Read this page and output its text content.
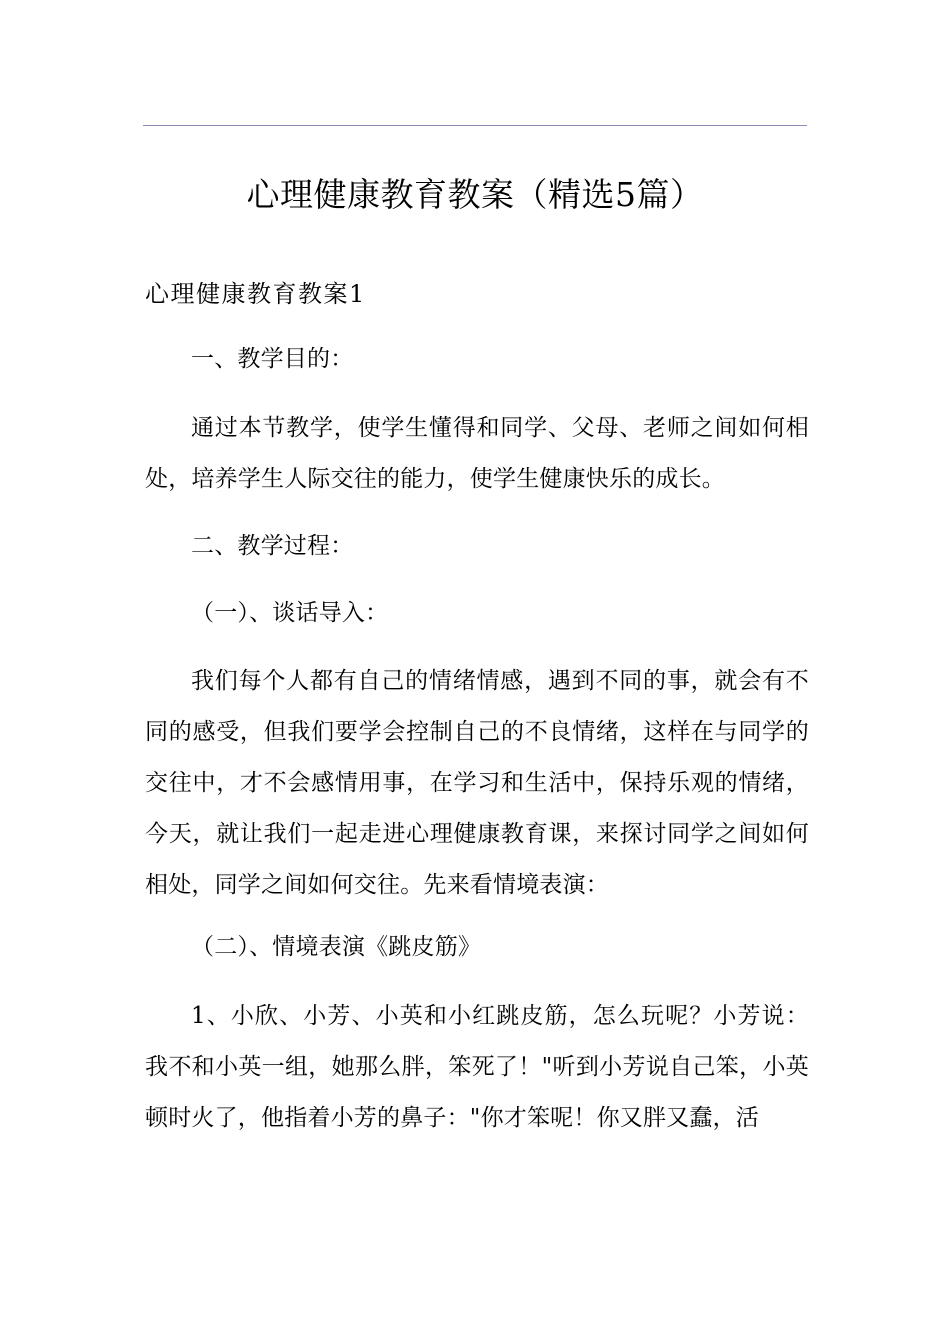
心理健康教育教案（精选5篇）
心理健康教育教案1

一、教学目的：

通过本节教学，使学生懂得和同学、父母、老师之间如何相处，培养学生人际交往的能力，使学生健康快乐的成长。

二、教学过程：

（一）、谈话导入：

我们每个人都有自己的情绪情感，遇到不同的事，就会有不同的感受，但我们要学会控制自己的不良情绪，这样在与同学的交往中，才不会感情用事，在学习和生活中，保持乐观的情绪，今天，就让我们一起走进心理健康教育课，来探讨同学之间如何相处，同学之间如何交往。先来看情境表演：

（二）、情境表演《跳皮筋》

1、小欣、小芳、小英和小红跳皮筋，怎么玩呢？小芳说：我不和小英一组，她那么胖，笨死了！"听到小芳说自己笨，小英顿时火了，他指着小芳的鼻子："你才笨呢！你又胖又蠢，活
